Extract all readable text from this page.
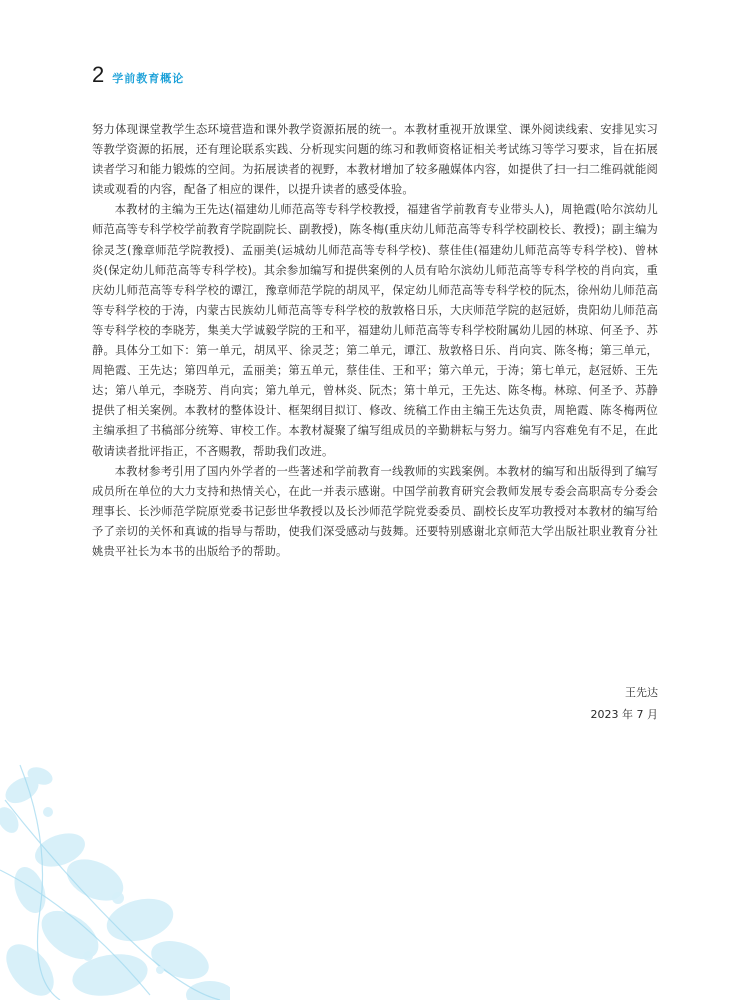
2 学前教育概论

努力体现课堂教学生态环境营造和课外教学资源拓展的统一。本教材重视开放课堂、课外阅读线索、安排见实习等教学资源的拓展，还有理论联系实践、分析现实问题的练习和教师资格证相关考试练习等学习要求，旨在拓展读者学习和能力锻炼的空间。为拓展读者的视野，本教材增加了较多融媒体内容，如提供了扫一扫二维码就能阅读或观看的内容，配备了相应的课件，以提升读者的感受体验。

本教材的主编为王先达(福建幼儿师范高等专科学校教授，福建省学前教育专业带头人)，周艳霞(哈尔滨幼儿师范高等专科学校学前教育学院副院长、副教授)，陈冬梅(重庆幼儿师范高等专科学校副校长、教授)；副主编为徐灵芝(豫章师范学院教授)、孟丽美(运城幼儿师范高等专科学校)、蔡佳佳(福建幼儿师范高等专科学校)、曾林炎(保定幼儿师范高等专科学校)。其余参加编写和提供案例的人员有哈尔滨幼儿师范高等专科学校的肖向宾，重庆幼儿师范高等专科学校的谭江，豫章师范学院的胡凤平，保定幼儿师范高等专科学校的阮杰，徐州幼儿师范高等专科学校的于涛，内蒙古民族幼儿师范高等专科学校的敖敦格日乐，大庆师范学院的赵冠娇，贵阳幼儿师范高等专科学校的李晓芳，集美大学诚毅学院的王和平，福建幼儿师范高等专科学校附属幼儿园的林琼、何圣予、苏静。具体分工如下：第一单元，胡凤平、徐灵芝；第二单元，谭江、敖敦格日乐、肖向宾、陈冬梅；第三单元，周艳霞、王先达；第四单元，孟丽美；第五单元，蔡佳佳、王和平；第六单元，于涛；第七单元，赵冠娇、王先达；第八单元，李晓芳、肖向宾；第九单元，曾林炎、阮杰；第十单元，王先达、陈冬梅。林琼、何圣予、苏静提供了相关案例。本教材的整体设计、框架纲目拟订、修改、统稿工作由主编王先达负责，周艳霞、陈冬梅两位主编承担了书稿部分统筹、审校工作。本教材凝聚了编写组成员的辛勤耕耘与努力。编写内容难免有不足，在此敬请读者批评指正，不吝赐教，帮助我们改进。

本教材参考引用了国内外学者的一些著述和学前教育一线教师的实践案例。本教材的编写和出版得到了编写成员所在单位的大力支持和热情关心，在此一并表示感谢。中国学前教育研究会教师发展专委会高职高专分委会理事长、长沙师范学院原党委书记彭世华教授以及长沙师范学院党委委员、副校长皮军功教授对本教材的编写给予了亲切的关怀和真诚的指导与帮助，使我们深受感动与鼓舞。还要特别感谢北京师范大学出版社职业教育分社姚贵平社长为本书的出版给予的帮助。

王先达
2023 年 7 月
